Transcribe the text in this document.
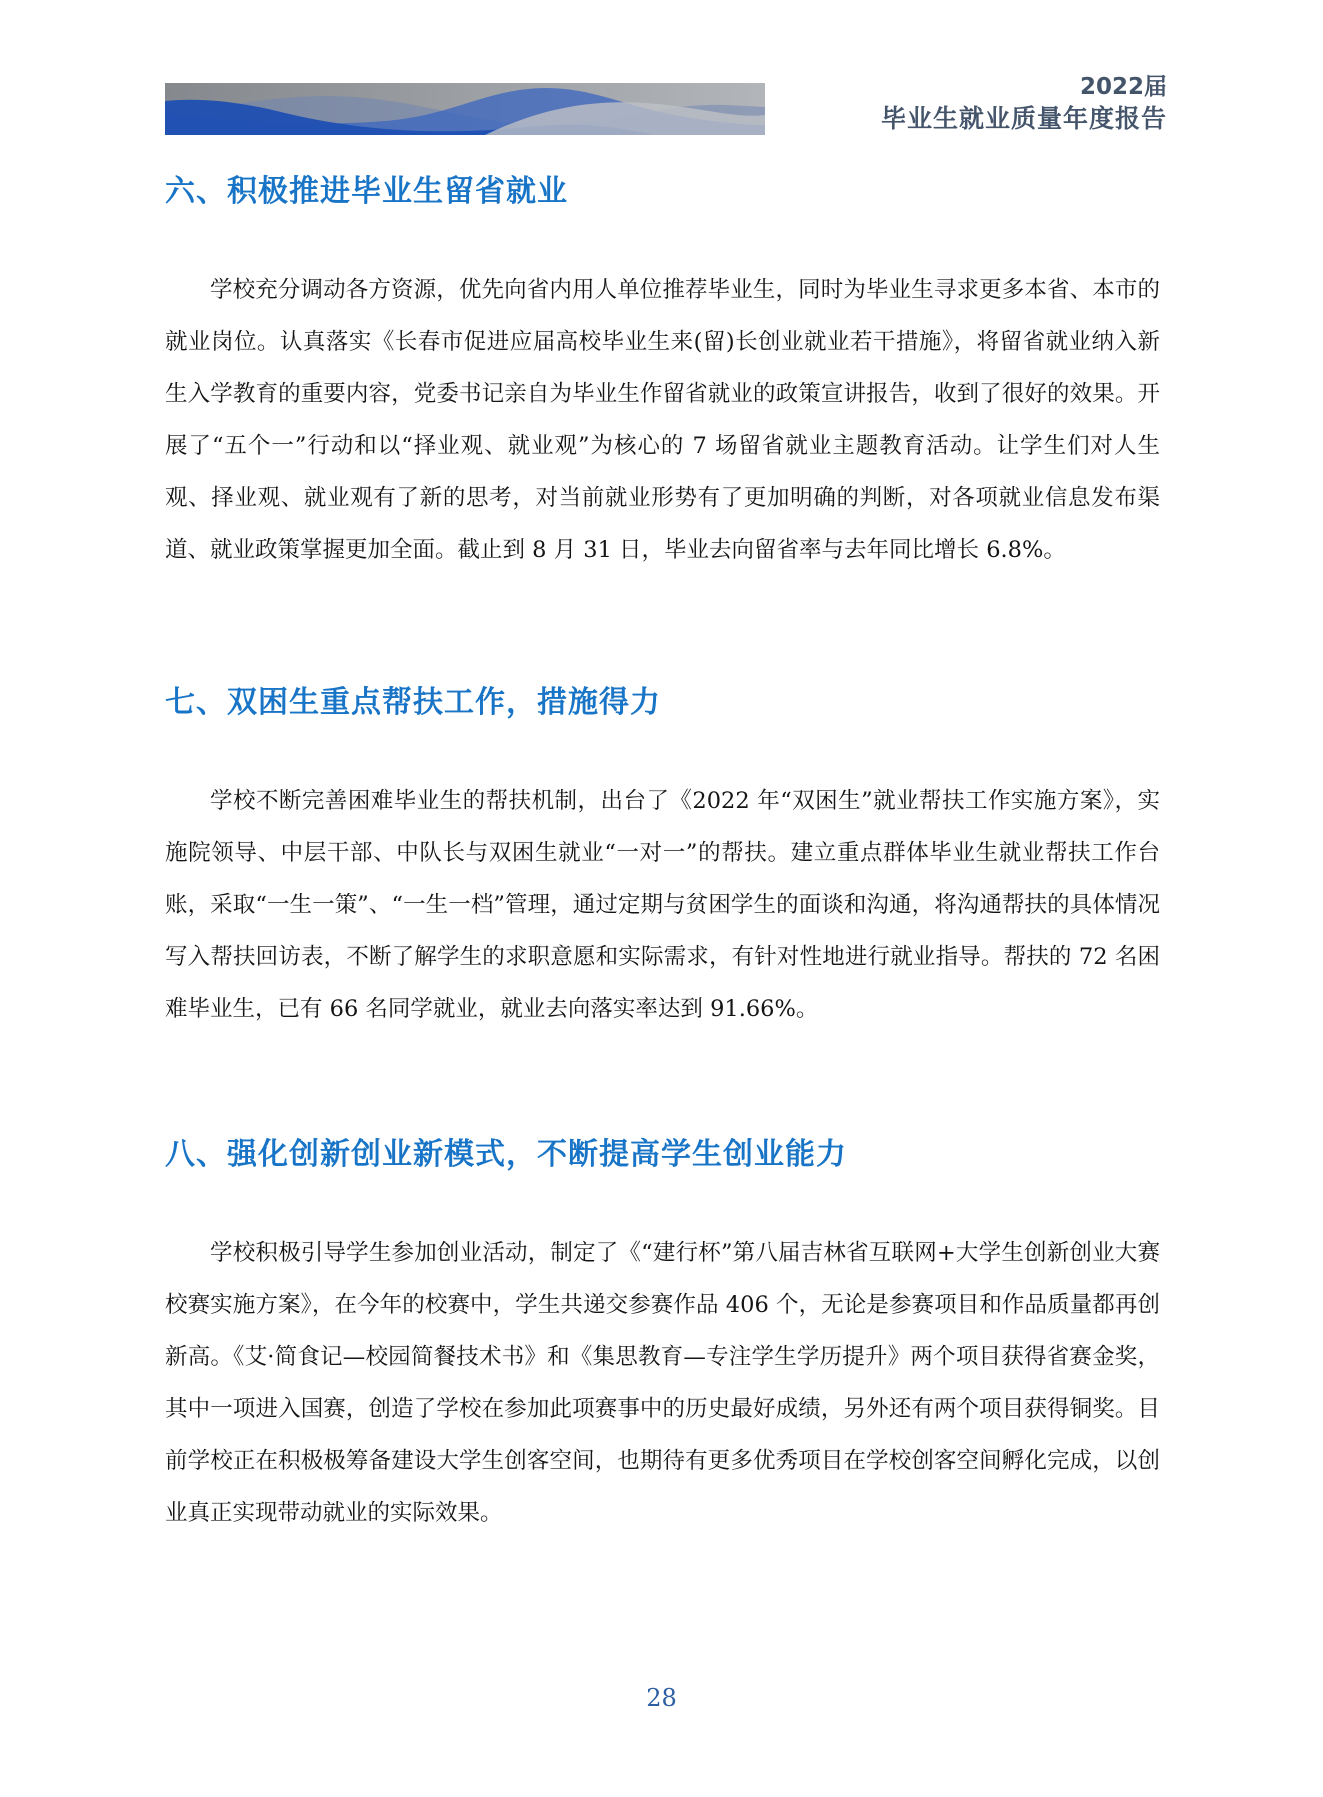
2022届
毕业生就业质量年度报告
六、积极推进毕业生留省就业

学校充分调动各方资源，优先向省内用人单位推荐毕业生，同时为毕业生寻求更多本省、本市的就业岗位。认真落实《长春市促进应届高校毕业生来(留)长创业就业若干措施》，将留省就业纳入新生入学教育的重要内容，党委书记亲自为毕业生作留省就业的政策宣讲报告，收到了很好的效果。开展了“五个一”行动和以“择业观、就业观”为核心的 7 场留省就业主题教育活动。让学生们对人生观、择业观、就业观有了新的思考，对当前就业形势有了更加明确的判断，对各项就业信息发布渠道、就业政策掌握更加全面。截止到 8 月 31 日，毕业去向留省率与去年同比增长 6.8%。

七、双困生重点帮扶工作，措施得力

学校不断完善困难毕业生的帮扶机制，出台了《2022 年“双困生”就业帮扶工作实施方案》，实施院领导、中层干部、中队长与双困生就业“一对一”的帮扶。建立重点群体毕业生就业帮扶工作台账，采取“一生一策”、“一生一档”管理，通过定期与贫困学生的面谈和沟通，将沟通帮扶的具体情况写入帮扶回访表，不断了解学生的求职意愿和实际需求，有针对性地进行就业指导。帮扶的 72 名困难毕业生，已有 66 名同学就业，就业去向落实率达到 91.66%。

八、强化创新创业新模式，不断提高学生创业能力

学校积极引导学生参加创业活动，制定了《“建行杯”第八届吉林省互联网+大学生创新创业大赛校赛实施方案》，在今年的校赛中，学生共递交参赛作品 406 个，无论是参赛项目和作品质量都再创新高。《艾·简食记—校园简餐技术书》和《集思教育—专注学生学历提升》两个项目获得省赛金奖，其中一项进入国赛，创造了学校在参加此项赛事中的历史最好成绩，另外还有两个项目获得铜奖。目前学校正在积极极筹备建设大学生创客空间，也期待有更多优秀项目在学校创客空间孵化完成，以创业真正实现带动就业的实际效果。

28
